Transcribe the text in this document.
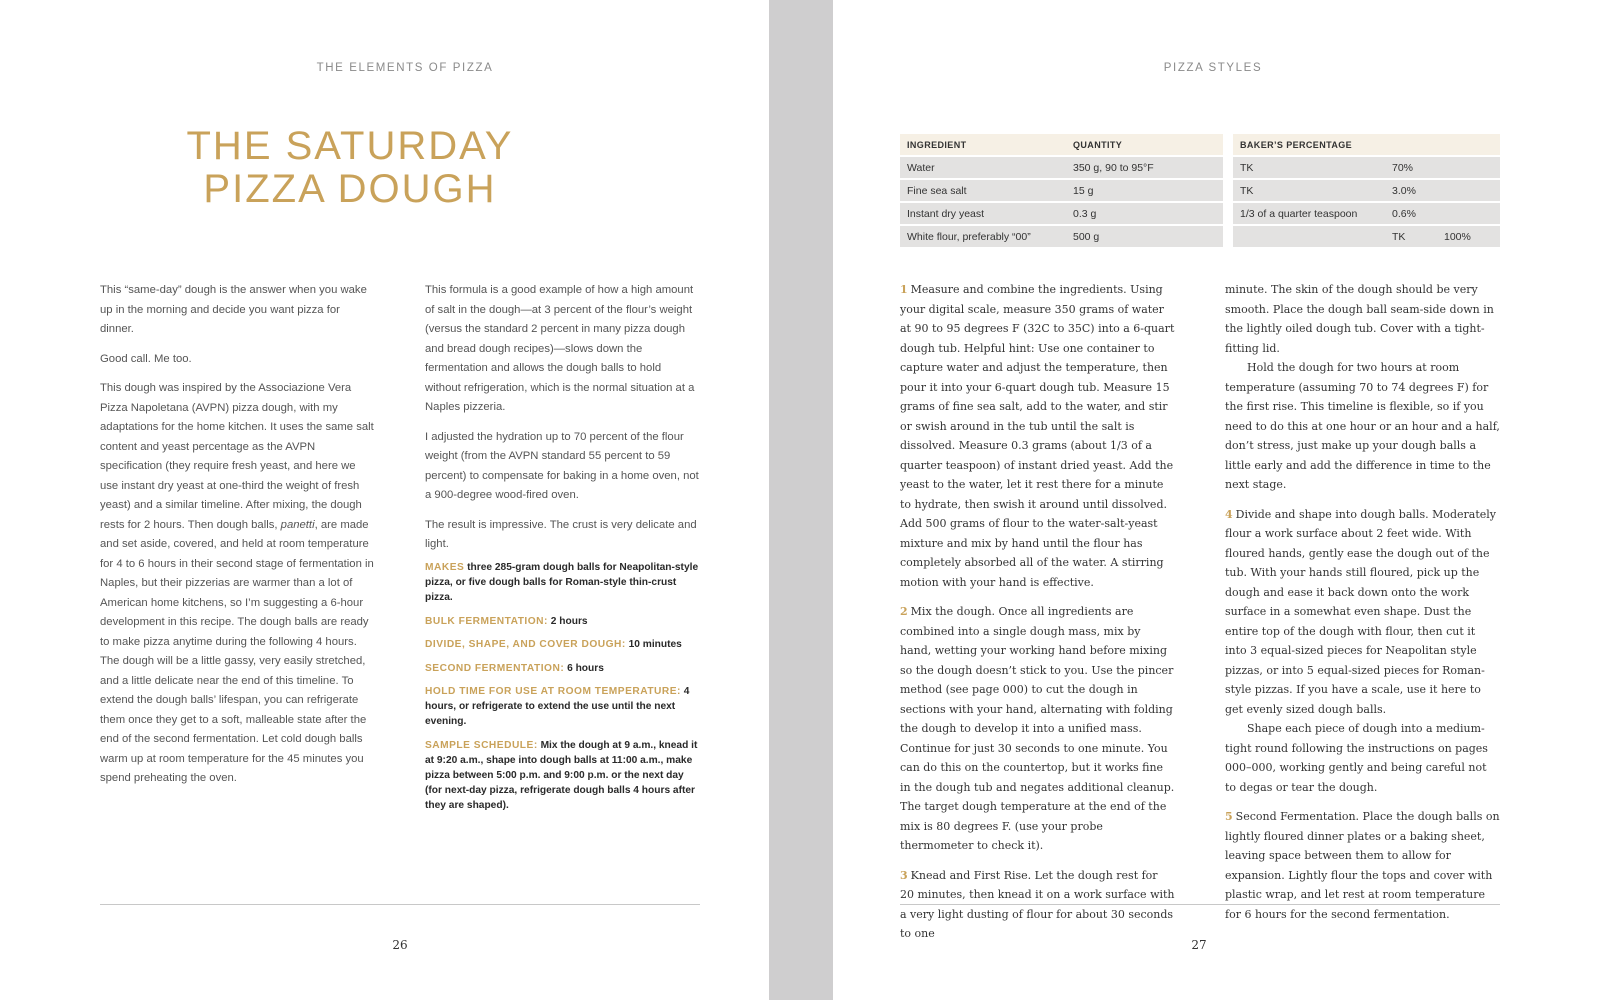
THE ELEMENTS OF PIZZA
THE SATURDAY
PIZZA DOUGH

This “same-day” dough is the answer when you wake up in the morning and decide you want pizza for dinner.

Good call. Me too.

This dough was inspired by the Associazione Vera Pizza Napoletana (AVPN) pizza dough, with my adaptations for the home kitchen. It uses the same salt content and yeast percentage as the AVPN specification (they require fresh yeast, and here we use instant dry yeast at one-third the weight of fresh yeast) and a similar timeline. After mixing, the dough rests for 2 hours. Then dough balls, panetti, are made and set aside, covered, and held at room temperature for 4 to 6 hours in their second stage of fermentation in Naples, but their pizzerias are warmer than a lot of American home kitchens, so I’m suggesting a 6-hour development in this recipe. The dough balls are ready to make pizza anytime during the following 4 hours. The dough will be a little gassy, very easily stretched, and a little delicate near the end of this timeline. To extend the dough balls’ lifespan, you can refrigerate them once they get to a soft, malleable state after the end of the second fermentation. Let cold dough balls warm up at room temperature for the 45 minutes you spend preheating the oven.

This formula is a good example of how a high amount of salt in the dough—at 3 percent of the flour’s weight (versus the standard 2 percent in many pizza dough and bread dough recipes)—slows down the fermentation and allows the dough balls to hold without refrigeration, which is the normal situation at a Naples pizzeria.

I adjusted the hydration up to 70 percent of the flour weight (from the AVPN standard 55 percent to 59 percent) to compensate for baking in a home oven, not a 900-degree wood-fired oven.

The result is impressive. The crust is very delicate and light.

MAKES three 285-gram dough balls for Neapolitan-style pizza, or five dough balls for Roman-style thin-crust pizza.

BULK FERMENTATION: 2 hours

DIVIDE, SHAPE, AND COVER DOUGH: 10 minutes

SECOND FERMENTATION: 6 hours

HOLD TIME FOR USE AT ROOM TEMPERATURE: 4 hours, or refrigerate to extend the use until the next evening.

SAMPLE SCHEDULE: Mix the dough at 9 a.m., knead it at 9:20 a.m., shape into dough balls at 11:00 a.m., make pizza between 5:00 p.m. and 9:00 p.m. or the next day (for next-day pizza, refrigerate dough balls 4 hours after they are shaped).

26
PIZZA STYLES
INGREDIENT	QUANTITY
Water	350 g, 90 to 95°F
Fine sea salt	15 g
Instant dry yeast	0.3 g
White flour, preferably “00”	500 g
BAKER’S PERCENTAGE		
TK	70%	
TK	3.0%	
1/3 of a quarter teaspoon	0.6%	
	TK	100%

1 Measure and combine the ingredients. Using your digital scale, measure 350 grams of water at 90 to 95 degrees F (32C to 35C) into a 6-quart dough tub. Helpful hint: Use one container to capture water and adjust the temperature, then pour it into your 6-quart dough tub. Measure 15 grams of fine sea salt, add to the water, and stir or swish around in the tub until the salt is dissolved. Measure 0.3 grams (about 1/3 of a quarter teaspoon) of instant dried yeast. Add the yeast to the water, let it rest there for a minute to hydrate, then swish it around until dissolved. Add 500 grams of flour to the water-salt-yeast mixture and mix by hand until the flour has completely absorbed all of the water. A stirring motion with your hand is effective.

2 Mix the dough. Once all ingredients are combined into a single dough mass, mix by hand, wetting your working hand before mixing so the dough doesn’t stick to you. Use the pincer method (see page 000) to cut the dough in sections with your hand, alternating with folding the dough to develop it into a unified mass. Continue for just 30 seconds to one minute. You can do this on the countertop, but it works fine in the dough tub and negates additional cleanup. The target dough temperature at the end of the mix is 80 degrees F. (use your probe thermometer to check it).

3 Knead and First Rise. Let the dough rest for 20 minutes, then knead it on a work surface with a very light dusting of flour for about 30 seconds to one

minute. The skin of the dough should be very smooth. Place the dough ball seam-side down in the lightly oiled dough tub. Cover with a tight-fitting lid.

Hold the dough for two hours at room temperature (assuming 70 to 74 degrees F) for the first rise. This timeline is flexible, so if you need to do this at one hour or an hour and a half, don’t stress, just make up your dough balls a little early and add the difference in time to the next stage.

4 Divide and shape into dough balls. Moderately flour a work surface about 2 feet wide. With floured hands, gently ease the dough out of the tub. With your hands still floured, pick up the dough and ease it back down onto the work surface in a somewhat even shape. Dust the entire top of the dough with flour, then cut it into 3 equal-sized pieces for Neapolitan style pizzas, or into 5 equal-sized pieces for Roman-style pizzas. If you have a scale, use it here to get evenly sized dough balls.

Shape each piece of dough into a medium-tight round following the instructions on pages 000–000, working gently and being careful not to degas or tear the dough.

5 Second Fermentation. Place the dough balls on lightly floured dinner plates or a baking sheet, leaving space between them to allow for expansion. Lightly flour the tops and cover with plastic wrap, and let rest at room temperature for 6 hours for the second fermentation.

27
